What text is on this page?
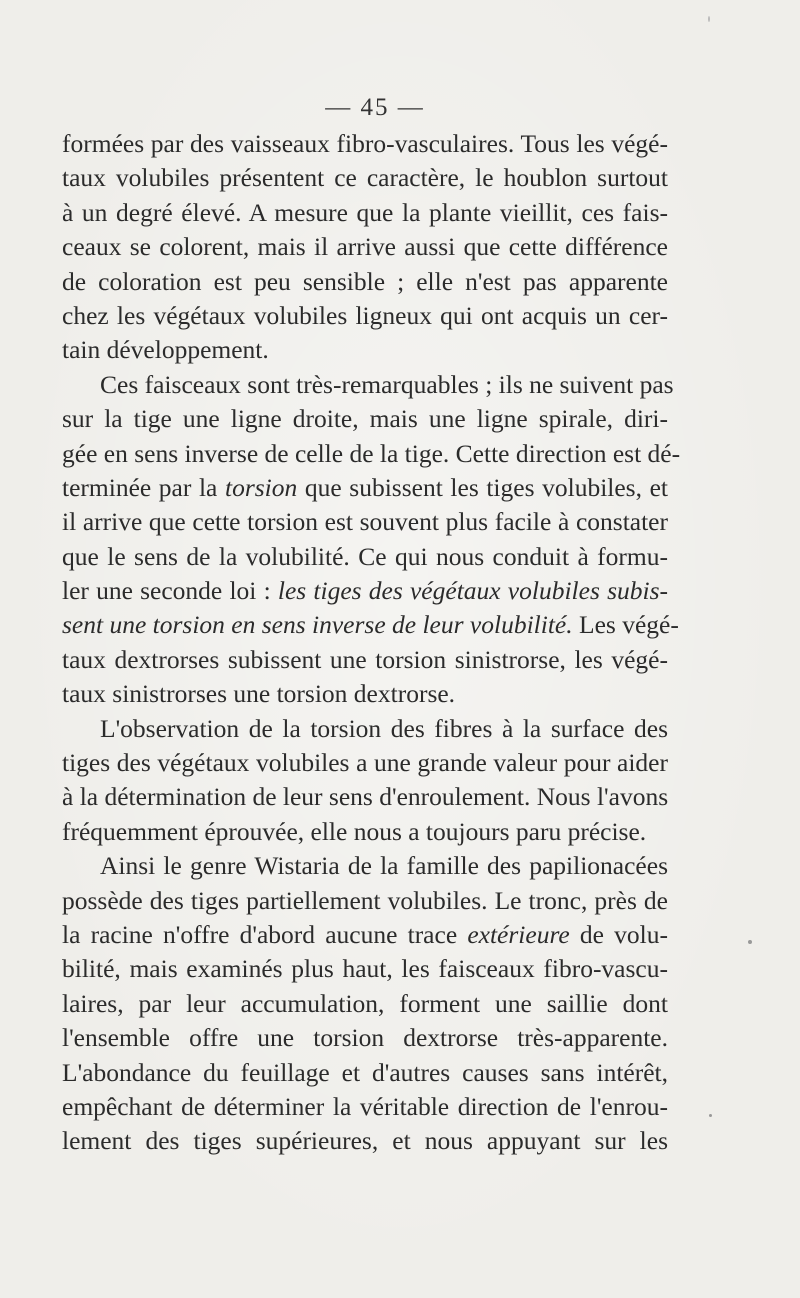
— 45 —
formées par des vaisseaux fibro-vasculaires. Tous les végé-
taux volubiles présentent ce caractère, le houblon surtout
à un degré élevé. A mesure que la plante vieillit, ces fais-
ceaux se colorent, mais il arrive aussi que cette différence
de coloration est peu sensible ; elle n'est pas apparente
chez les végétaux volubiles ligneux qui ont acquis un cer-
tain développement.
Ces faisceaux sont très-remarquables ; ils ne suivent pas
sur la tige une ligne droite, mais une ligne spirale, diri-
gée en sens inverse de celle de la tige. Cette direction est dé-
terminée par la torsion que subissent les tiges volubiles, et
il arrive que cette torsion est souvent plus facile à constater
que le sens de la volubilité. Ce qui nous conduit à formu-
ler une seconde loi : les tiges des végétaux volubiles subis-
sent une torsion en sens inverse de leur volubilité. Les végé-
taux dextrorses subissent une torsion sinistrorse, les végé-
taux sinistrorses une torsion dextrorse.
L'observation de la torsion des fibres à la surface des
tiges des végétaux volubiles a une grande valeur pour aider
à la détermination de leur sens d'enroulement. Nous l'avons
fréquemment éprouvée, elle nous a toujours paru précise.
Ainsi le genre Wistaria de la famille des papilionacées
possède des tiges partiellement volubiles. Le tronc, près de
la racine n'offre d'abord aucune trace extérieure de volu-
bilité, mais examinés plus haut, les faisceaux fibro-vascu-
laires, par leur accumulation, forment une saillie dont
l'ensemble offre une torsion dextrorse très-apparente.
L'abondance du feuillage et d'autres causes sans intérêt,
empêchant de déterminer la véritable direction de l'enrou-
lement des tiges supérieures, et nous appuyant sur les
